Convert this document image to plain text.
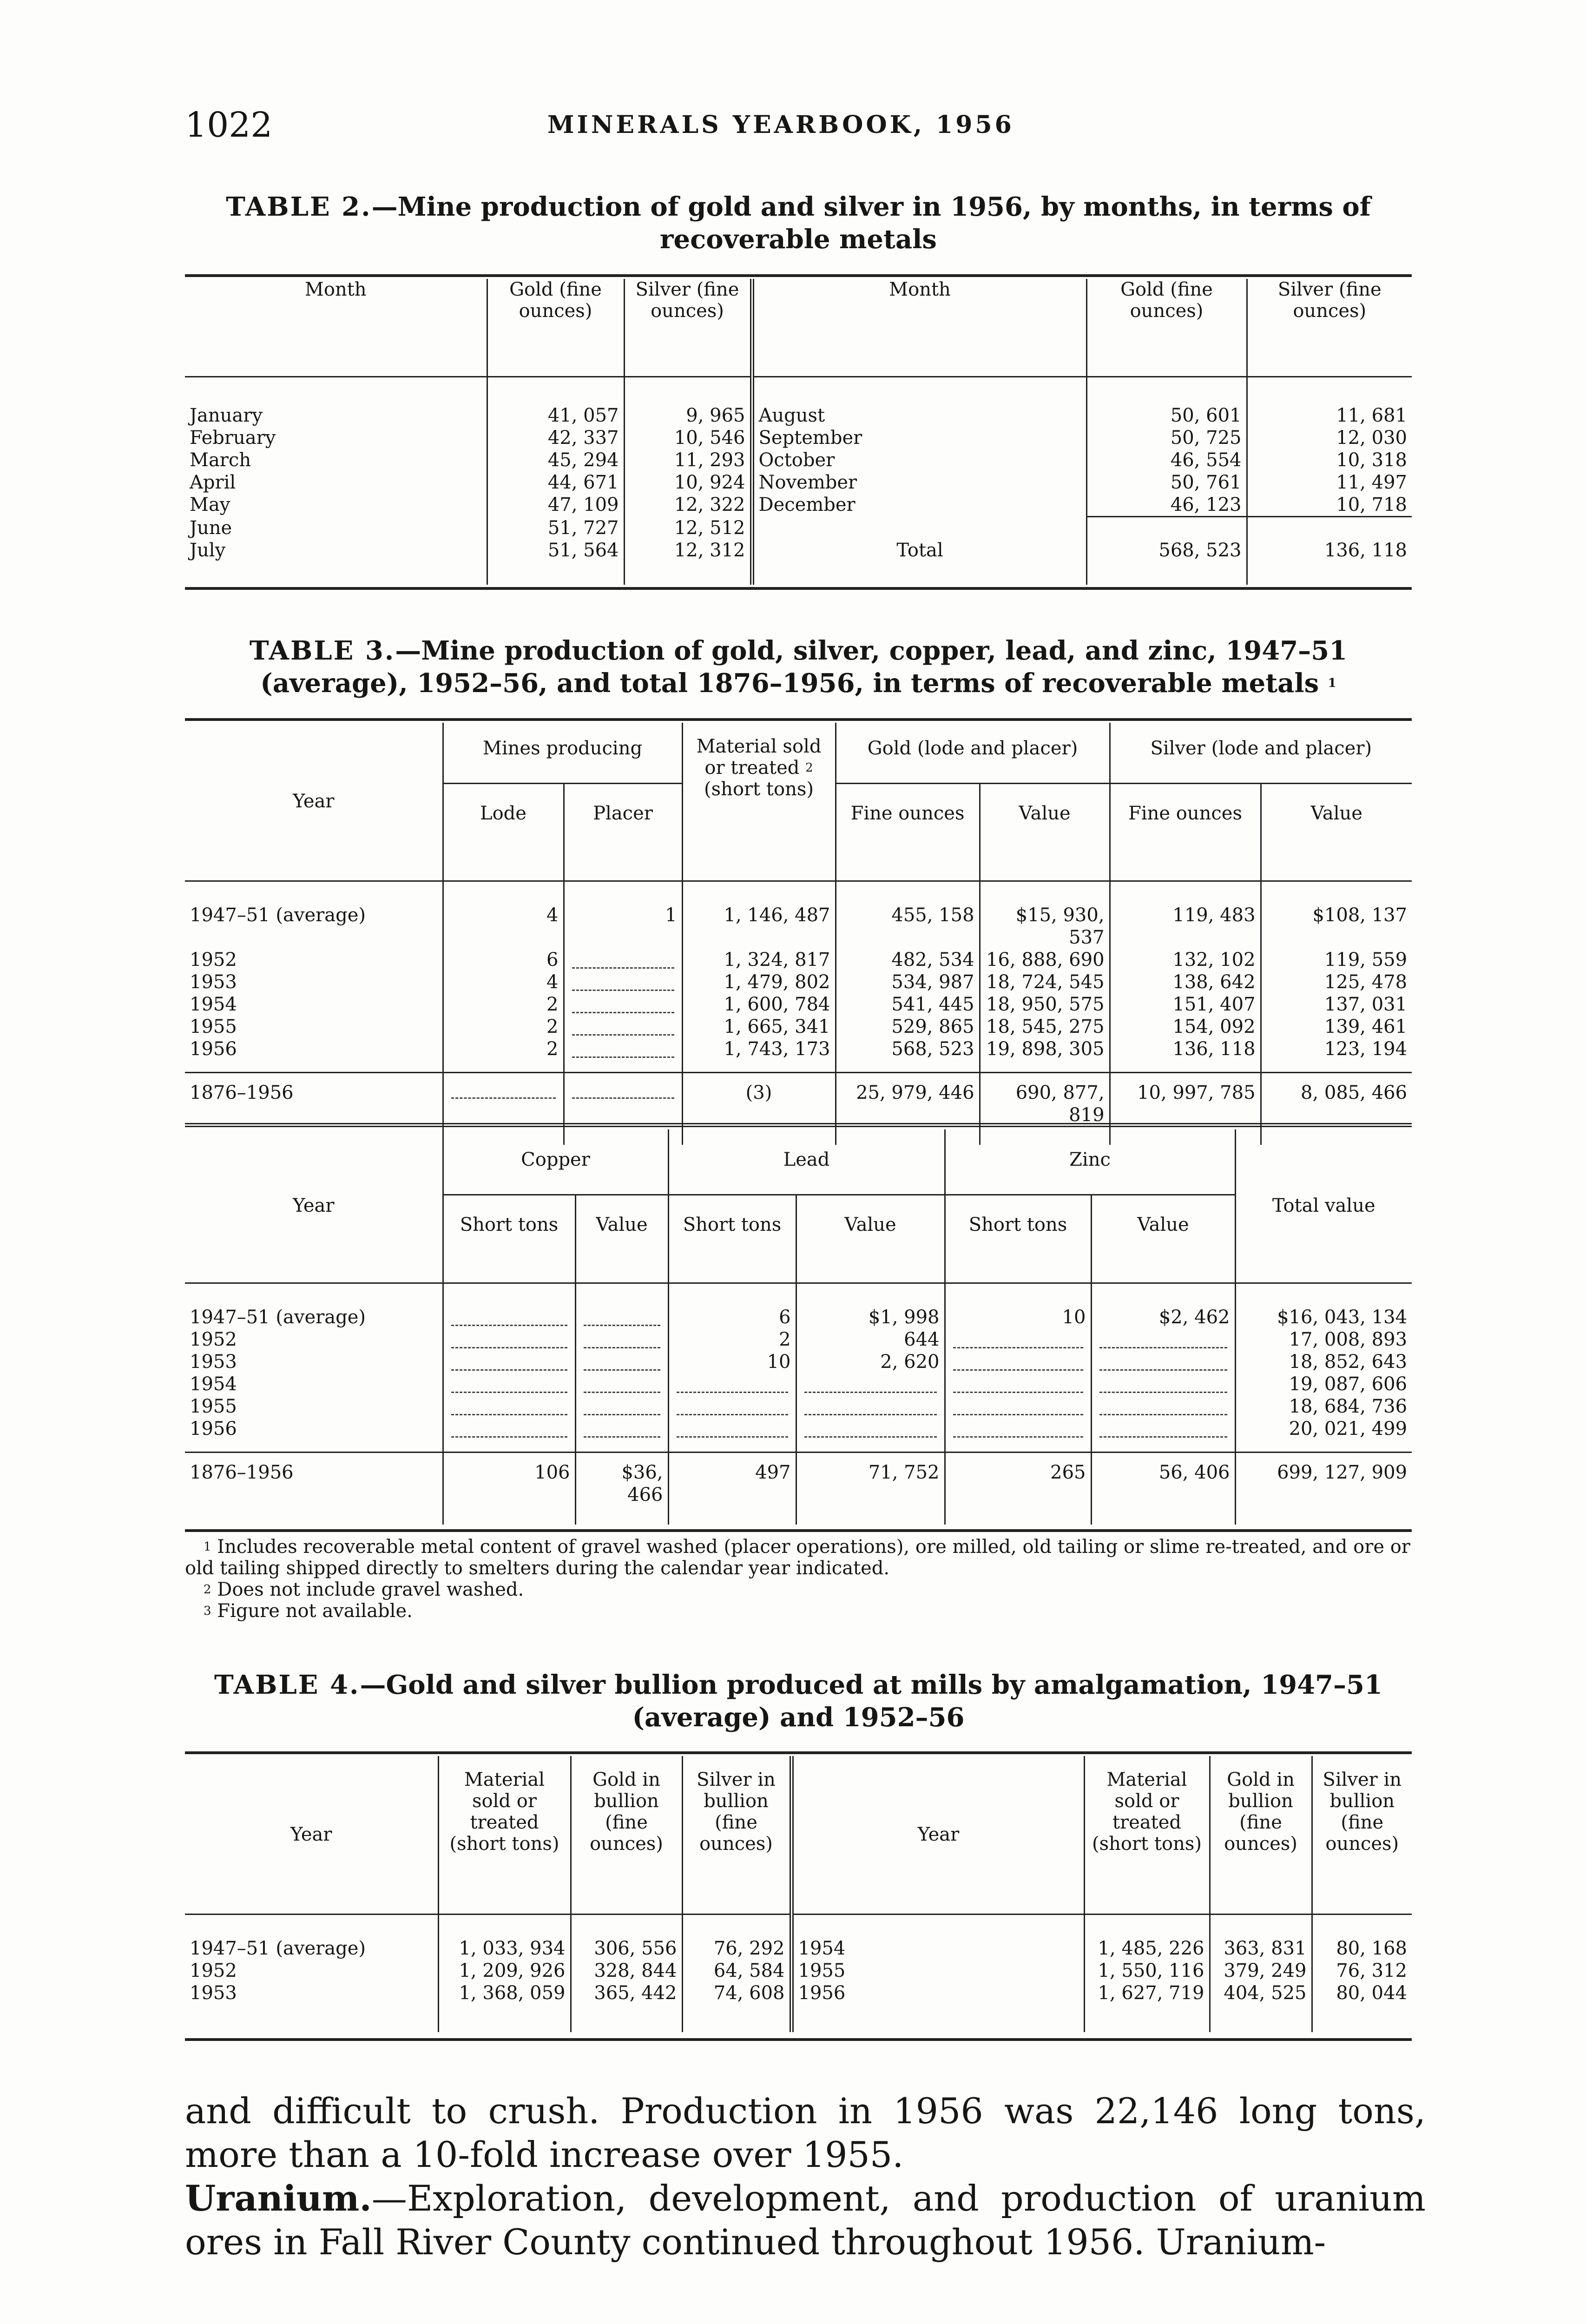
1022	MINERALS YEARBOOK, 1956
TABLE 2.—Mine production of gold and silver in 1956, by months, in terms of
recoverable metals
Month	Gold (fine ounces)	Silver (fine ounces)	Month	Gold (fine ounces)	Silver (fine ounces)

January	41, 057	9, 965	August	50, 601	11, 681
February	42, 337	10, 546	September	50, 725	12, 030
March	45, 294	11, 293	October	46, 554	10, 318
April	44, 671	10, 924	November	50, 761	11, 497
May	47, 109	12, 322	December	46, 123	10, 718
June	51, 727	12, 512			
July	51, 564	12, 312	Total	568, 523	136, 118

TABLE 3.—Mine production of gold, silver, copper, lead, and zinc, 1947–51
(average), 1952–56, and total 1876–1956, in terms of recoverable metals $^1$
Year	Mines producing		Material sold or treated $^2$
(short tons)	Gold (lode and placer)		Silver (lode and placer)	
	Lode	Placer		Fine ounces	Value	Fine ounces	Value

1947–51 (average)	4	1	1, 146, 487	455, 158	$15, 930, 537	119, 483	$108, 137
1952	6		1, 324, 817	482, 534	16, 888, 690	132, 102	119, 559
1953	4		1, 479, 802	534, 987	18, 724, 545	138, 642	125, 478
1954	2		1, 600, 784	541, 445	18, 950, 575	151, 407	137, 031
1955	2		1, 665, 341	529, 865	18, 545, 275	154, 092	139, 461
1956	2		1, 743, 173	568, 523	19, 898, 305	136, 118	123, 194

1876–1956			(3)	25, 979, 446	690, 877, 819	10, 997, 785	8, 085, 466

Year	Copper		Lead		Zinc		Total value
	Short tons	Value	Short tons	Value	Short tons	Value	

1947–51 (average)			6	$1, 998	10	$2, 462	$16, 043, 134
1952			2	644			17, 008, 893
1953			10	2, 620			18, 852, 643
1954							19, 087, 606
1955							18, 684, 736
1956							20, 021, 499

1876–1956	106	$36, 466	497	71, 752	265	56, 406	699, 127, 909

$^1$ Includes recoverable metal content of gravel washed (placer operations), ore milled, old tailing or slime re-treated, and ore or old tailing shipped directly to smelters during the calendar year indicated.
$^2$ Does not include gravel washed.
$^3$ Figure not available.
TABLE 4.—Gold and silver bullion produced at mills by amalgamation, 1947–51
(average) and 1952–56
Year	Material sold or treated (short tons)	Gold in bullion (fine ounces)	Silver in bullion (fine ounces)	Year	Material sold or treated (short tons)	Gold in bullion (fine ounces)	Silver in bullion (fine ounces)

1947–51 (average)	1, 033, 934	306, 556	76, 292	1954	1, 485, 226	363, 831	80, 168
1952	1, 209, 926	328, 844	64, 584	1955	1, 550, 116	379, 249	76, 312
1953	1, 368, 059	365, 442	74, 608	1956	1, 627, 719	404, 525	80, 044

and difficult to crush. Production in 1956 was 22,146 long tons, more than a 10-fold increase over 1955.
Uranium.—Exploration, development, and production of uranium ores in Fall River County continued throughout 1956. Uranium-
